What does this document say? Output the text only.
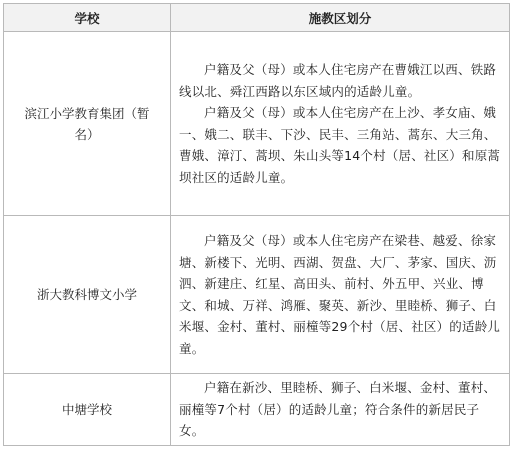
学校	施教区划分
滨江小学教育集团（暂名）	户籍及父（母）或本人住宅房产在曹娥江以西、铁路线以北、舜江西路以东区域内的适龄儿童。
户籍及父（母）或本人住宅房产在上沙、孝女庙、娥一、娥二、联丰、下沙、民丰、三角站、蒿东、大三角、曹娥、漳汀、蒿坝、朱山头等14个村（居、社区）和原蒿坝社区的适龄儿童。

浙大教科博文小学	户籍及父（母）或本人住宅房产在梁巷、越爱、徐家塘、新楼下、光明、西湖、贺盘、大厂、茅家、国庆、沥泗、新建庄、红星、高田头、前村、外五甲、兴业、博文、和城、万祥、鸿雁、聚英、新沙、里睦桥、狮子、白米堰、金村、董村、丽橦等29个村（居、社区）的适龄儿童。

中塘学校	户籍在新沙、里睦桥、狮子、白米堰、金村、董村、丽橦等7个村（居）的适龄儿童；符合条件的新居民子女。
